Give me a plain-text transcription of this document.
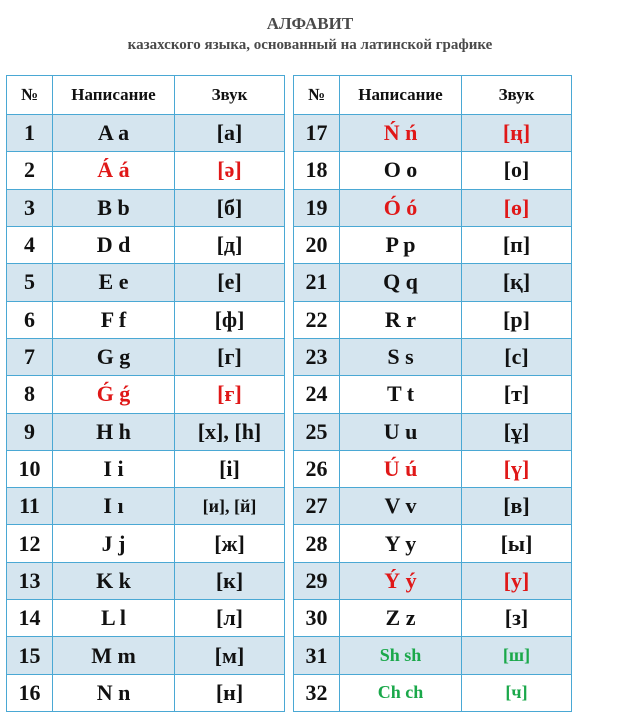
АЛФАВИТ
казахского языка, основанный на латинской графике
№	Написание	Звук
1	A a	[а]
2	Á á	[ә]
3	B b	[б]
4	D d	[д]
5	E e	[е]
6	F f	[ф]
7	G g	[г]
8	Ǵ ǵ	[ғ]
9	H h	[х], [һ]
10	I i	[і]
11	I ı	[и], [й]
12	J j	[ж]
13	K k	[к]
14	L l	[л]
15	M m	[м]
16	N n	[н]
№	Написание	Звук
17	Ń ń	[ң]
18	O o	[о]
19	Ó ó	[ө]
20	P p	[п]
21	Q q	[қ]
22	R r	[р]
23	S s	[с]
24	T t	[т]
25	U u	[ұ]
26	Ú ú	[ү]
27	V v	[в]
28	Y y	[ы]
29	Ý ý	[у]
30	Z z	[з]
31	Sh sh	[ш]
32	Ch ch	[ч]
